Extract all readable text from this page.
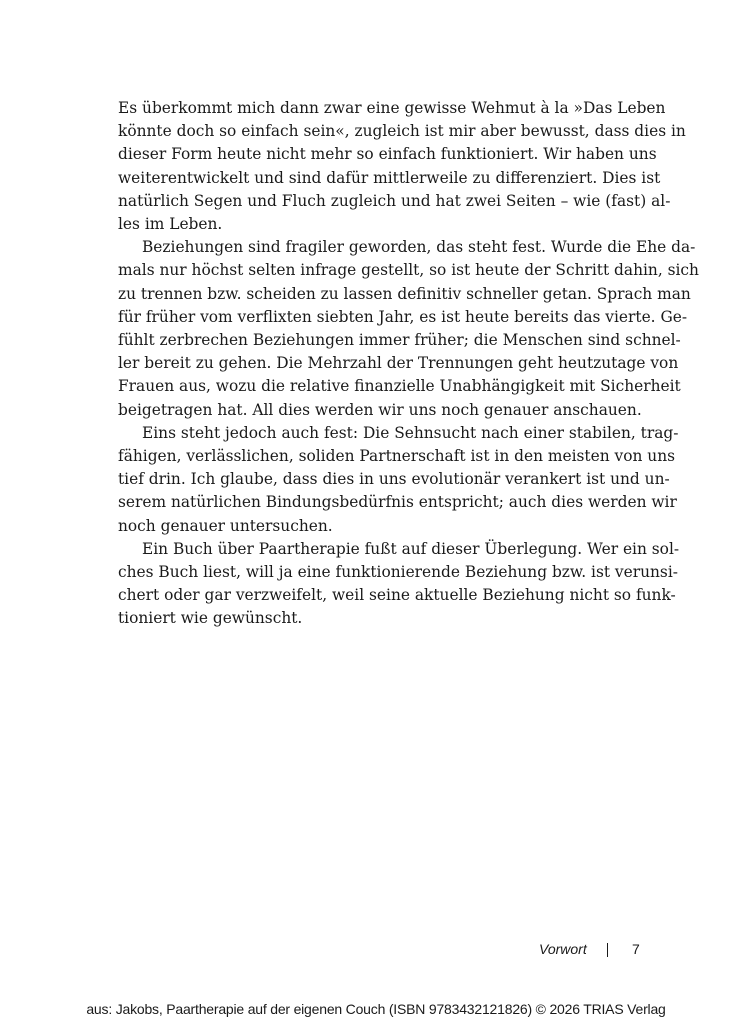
Es überkommt mich dann zwar eine gewisse Wehmut à la »Das Leben
könnte doch so einfach sein«, zugleich ist mir aber bewusst, dass dies in
dieser Form heute nicht mehr so einfach funktioniert. Wir haben uns
weiterentwickelt und sind dafür mittlerweile zu differenziert. Dies ist
natürlich Segen und Fluch zugleich und hat zwei Seiten – wie (fast) al-
les im Leben.

Beziehungen sind fragiler geworden, das steht fest. Wurde die Ehe da-
mals nur höchst selten infrage gestellt, so ist heute der Schritt dahin, sich
zu trennen bzw. scheiden zu lassen definitiv schneller getan. Sprach man
für früher vom verflixten siebten Jahr, es ist heute bereits das vierte. Ge-
fühlt zerbrechen Beziehungen immer früher; die Menschen sind schnel-
ler bereit zu gehen. Die Mehrzahl der Trennungen geht heutzutage von
Frauen aus, wozu die relative finanzielle Unabhängigkeit mit Sicherheit
beigetragen hat. All dies werden wir uns noch genauer anschauen.

Eins steht jedoch auch fest: Die Sehnsucht nach einer stabilen, trag-
fähigen, verlässlichen, soliden Partnerschaft ist in den meisten von uns
tief drin. Ich glaube, dass dies in uns evolutionär verankert ist und un-
serem natürlichen Bindungsbedürfnis entspricht; auch dies werden wir
noch genauer untersuchen.

Ein Buch über Paartherapie fußt auf dieser Überlegung. Wer ein sol-
ches Buch liest, will ja eine funktionierende Beziehung bzw. ist verunsi-
chert oder gar verzweifelt, weil seine aktuelle Beziehung nicht so funk-
tioniert wie gewünscht.

Vorwort	7
aus: Jakobs, Paartherapie auf der eigenen Couch (ISBN 9783432121826) © 2026 TRIAS Verlag
